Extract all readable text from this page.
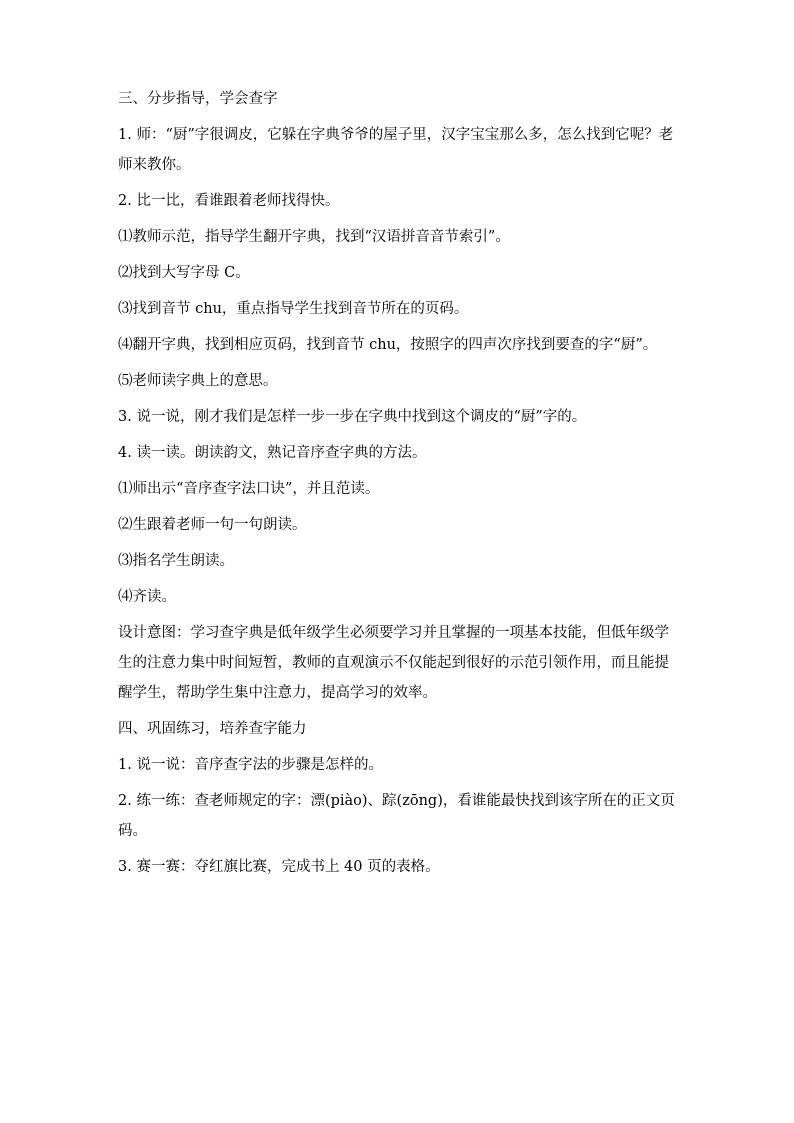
三、分步指导，学会查字

1. 师：“厨”字很调皮，它躲在字典爷爷的屋子里，汉字宝宝那么多，怎么找到它呢？老师来教你。

2. 比一比，看谁跟着老师找得快。

⑴教师示范，指导学生翻开字典，找到“汉语拼音音节索引”。

⑵找到大写字母 C。

⑶找到音节 chu，重点指导学生找到音节所在的页码。

⑷翻开字典，找到相应页码，找到音节 chu，按照字的四声次序找到要查的字“厨”。

⑸老师读字典上的意思。

3. 说一说，刚才我们是怎样一步一步在字典中找到这个调皮的“厨”字的。

4. 读一读。朗读韵文，熟记音序查字典的方法。

⑴师出示“音序查字法口诀”，并且范读。

⑵生跟着老师一句一句朗读。

⑶指名学生朗读。

⑷齐读。

设计意图：学习查字典是低年级学生必须要学习并且掌握的一项基本技能，但低年级学生的注意力集中时间短暂，教师的直观演示不仅能起到很好的示范引领作用，而且能提醒学生，帮助学生集中注意力，提高学习的效率。

四、巩固练习，培养查字能力

1. 说一说：音序查字法的步骤是怎样的。

2. 练一练：查老师规定的字：漂(piào)、踪(zōng)，看谁能最快找到该字所在的正文页码。

3. 赛一赛：夺红旗比赛，完成书上 40 页的表格。
